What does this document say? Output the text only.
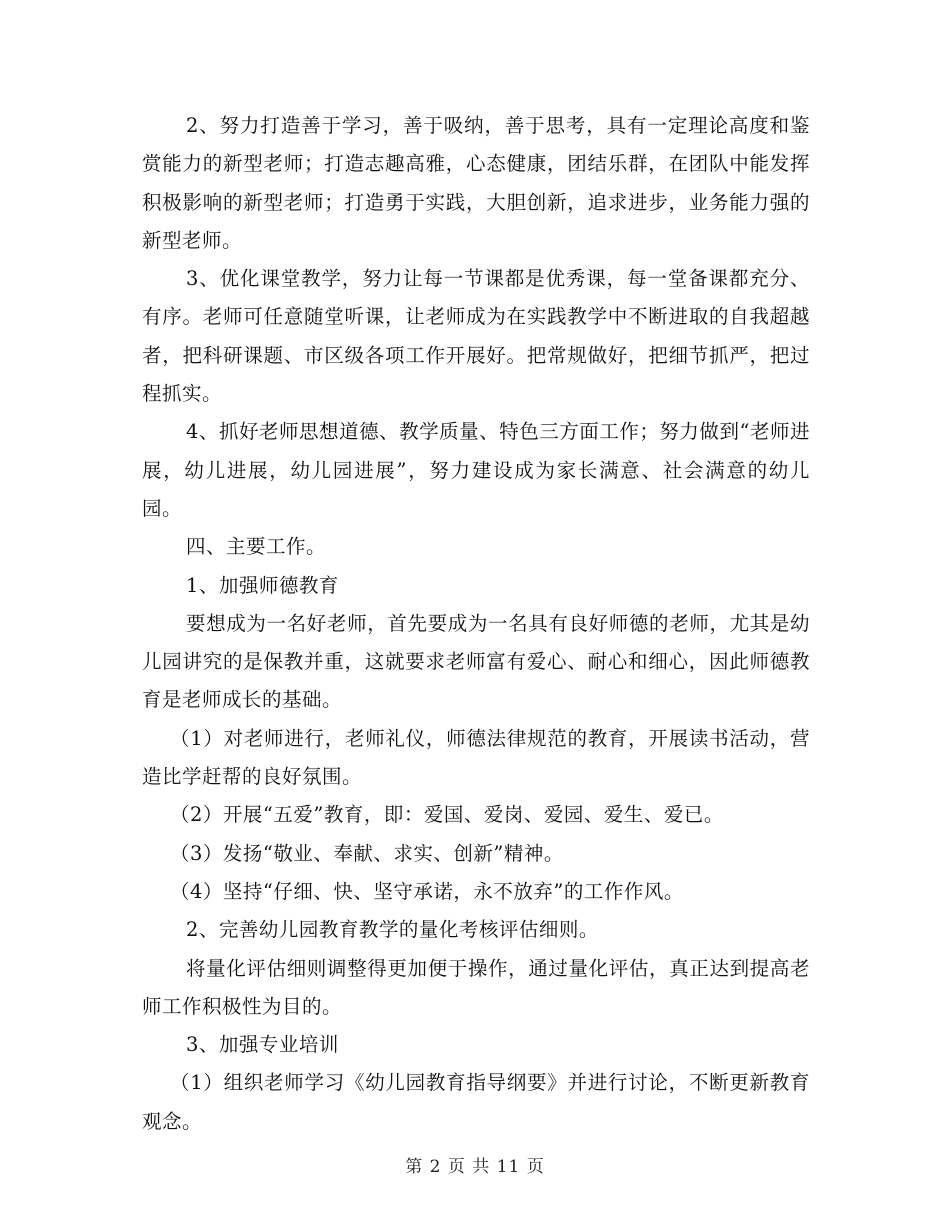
2、努力打造善于学习，善于吸纳，善于思考，具有一定理论高度和鉴赏能力的新型老师；打造志趣高雅，心态健康，团结乐群，在团队中能发挥积极影响的新型老师；打造勇于实践，大胆创新，追求进步，业务能力强的新型老师。

3、优化课堂教学，努力让每一节课都是优秀课，每一堂备课都充分、有序。老师可任意随堂听课，让老师成为在实践教学中不断进取的自我超越者，把科研课题、市区级各项工作开展好。把常规做好，把细节抓严，把过程抓实。

4、抓好老师思想道德、教学质量、特色三方面工作；努力做到“老师进展，幼儿进展，幼儿园进展”，努力建设成为家长满意、社会满意的幼儿园。

四、主要工作。

1、加强师德教育

要想成为一名好老师，首先要成为一名具有良好师德的老师，尤其是幼儿园讲究的是保教并重，这就要求老师富有爱心、耐心和细心，因此师德教育是老师成长的基础。

（1）对老师进行，老师礼仪，师德法律规范的教育，开展读书活动，营造比学赶帮的良好氛围。

（2）开展“五爱”教育，即：爱国、爱岗、爱园、爱生、爱已。

（3）发扬“敬业、奉献、求实、创新”精神。

（4）坚持“仔细、快、坚守承诺，永不放弃”的工作作风。

2、完善幼儿园教育教学的量化考核评估细则。

将量化评估细则调整得更加便于操作，通过量化评估，真正达到提高老师工作积极性为目的。

3、加强专业培训

（1）组织老师学习《幼儿园教育指导纲要》并进行讨论，不断更新教育观念。

第 2 页 共 11 页
